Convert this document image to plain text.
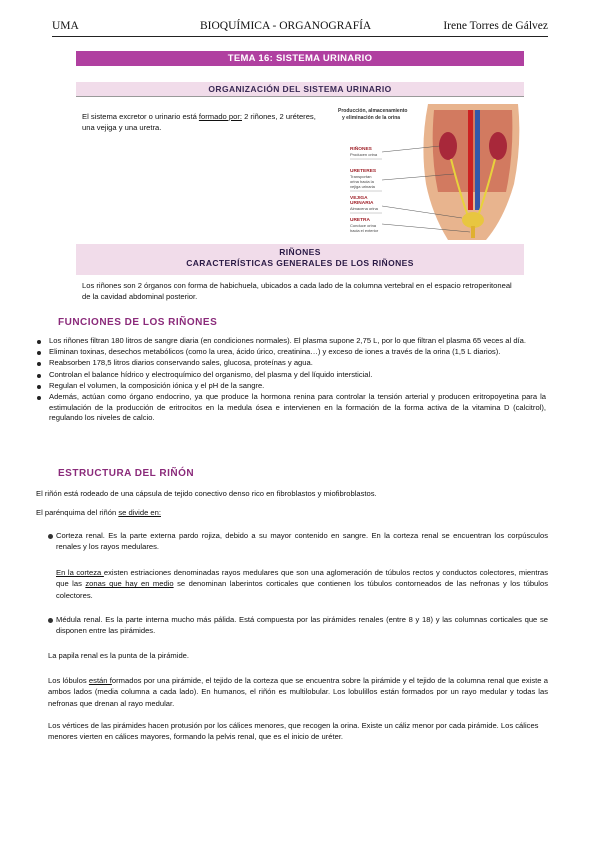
UMA	BIOQUÍMICA - ORGANOGRAFÍA	Irene Torres de Gálvez
TEMA 16: SISTEMA URINARIO
ORGANIZACIÓN DEL SISTEMA URINARIO
El sistema excretor o urinario está formado por: 2 riñones, 2 uréteres, una vejiga y una uretra.
Producción, almacenamiento
y eliminación de la orina
RIÑONES
Producen orina
URETERES
Transportan
orina hacia la
vejiga urinaria
VEJIGA
URINARIA
Almacena orina
URETRA
Conduce orina
hacia el exterior
RIÑONES
CARACTERÍSTICAS GENERALES DE LOS RIÑONES
Los riñones son 2 órganos con forma de habichuela, ubicados a cada lado de la columna vertebral en el espacio retroperitoneal de la cavidad abdominal posterior.
FUNCIONES DE LOS RIÑONES
Los riñones filtran 180 litros de sangre diaria (en condiciones normales). El plasma supone 2,75 L, por lo que filtran el plasma 65 veces al día.
Eliminan toxinas, desechos metabólicos (como la urea, ácido úrico, creatinina…) y exceso de iones a través de la orina (1,5 L diarios).
Reabsorben 178,5 litros diarios conservando sales, glucosa, proteínas y agua.
Controlan el balance hídrico y electroquímico del organismo, del plasma y del líquido intersticial.
Regulan el volumen, la composición iónica y el pH de la sangre.
Además, actúan como órgano endocrino, ya que produce la hormona renina para controlar la tensión arterial y producen eritropoyetina para la estimulación de la producción de eritrocitos en la medula ósea e intervienen en la formación de la forma activa de la vitamina D (calcitrol), regulando los niveles de calcio.
ESTRUCTURA DEL RIÑÓN
El riñón está rodeado de una cápsula de tejido conectivo denso rico en fibroblastos y miofibroblastos.
El parénquima del riñón se divide en:
Corteza renal. Es la parte externa pardo rojiza, debido a su mayor contenido en sangre. En la corteza renal se encuentran los corpúsculos renales y los rayos medulares.
En la corteza existen estriaciones denominadas rayos medulares que son una aglomeración de túbulos rectos y conductos colectores, mientras que las zonas que hay en medio se denominan laberintos corticales que contienen los túbulos contorneados de las nefronas y los túbulos colectores.
Médula renal. Es la parte interna mucho más pálida. Está compuesta por las pirámides renales (entre 8 y 18) y las columnas corticales que se disponen entre las pirámides.
La papila renal es la punta de la pirámide.
Los lóbulos están formados por una pirámide, el tejido de la corteza que se encuentra sobre la pirámide y el tejido de la columna renal que existe a ambos lados (media columna a cada lado). En humanos, el riñón es multilobular. Los lobulillos están formados por un rayo medular y todas las nefronas que drenan al rayo medular.
Los vértices de las pirámides hacen protusión por los cálices menores, que recogen la orina. Existe un cáliz menor por cada pirámide. Los cálices menores vierten en cálices mayores, formando la pelvis renal, que es el inicio de uréter.
